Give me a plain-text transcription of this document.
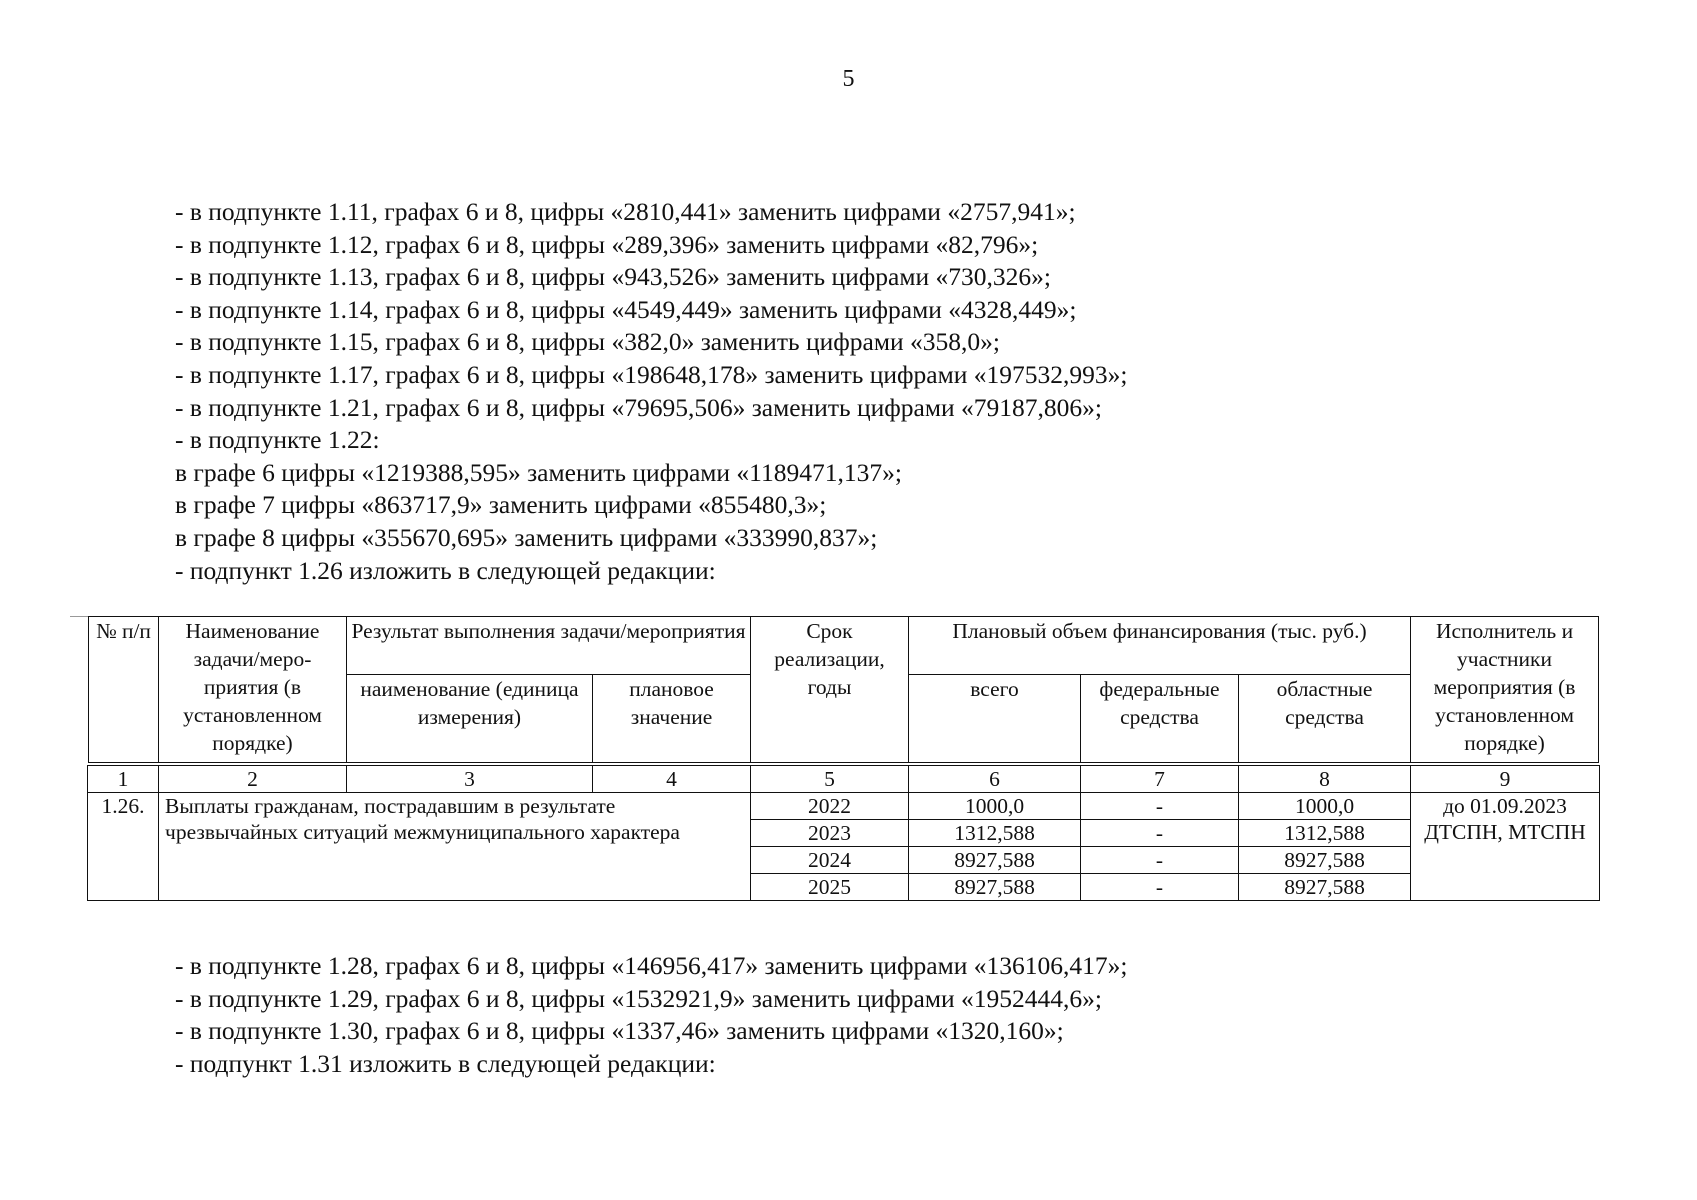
5
- в подпункте 1.11, графах 6 и 8, цифры «2810,441» заменить цифрами «2757,941»;
- в подпункте 1.12, графах 6 и 8, цифры «289,396» заменить цифрами «82,796»;
- в подпункте 1.13, графах 6 и 8, цифры «943,526» заменить цифрами «730,326»;
- в подпункте 1.14, графах 6 и 8, цифры «4549,449» заменить цифрами «4328,449»;
- в подпункте 1.15, графах 6 и 8, цифры «382,0» заменить цифрами «358,0»;
- в подпункте 1.17, графах 6 и 8, цифры «198648,178» заменить цифрами «197532,993»;
- в подпункте 1.21, графах 6 и 8, цифры «79695,506» заменить цифрами «79187,806»;
- в подпункте 1.22:
в графе 6 цифры «1219388,595» заменить цифрами «1189471,137»;
в графе 7 цифры «863717,9» заменить цифрами «855480,3»;
в графе 8 цифры «355670,695» заменить цифрами «333990,837»;
- подпункт 1.26 изложить в следующей редакции:
№ п/п	Наименование задачи/меро-приятия (в установленном порядке)	Результат выполнения задачи/мероприятия		Срок реализации, годы	Плановый объем финансирования (тыс. руб.)			Исполнитель и участники мероприятия (в установленном порядке)
		наименование (единица измерения)	плановое значение		всего	федеральные средства	областные средства	
1	2	3	4	5	6	7	8	9
1.26.	Выплаты гражданам, пострадавшим в результате чрезвычайных ситуаций межмуниципального характера			2022	1000,0	-	1000,0	до 01.09.2023 ДТСПН, МТСПН
				2023	1312,588	-	1312,588	
				2024	8927,588	-	8927,588	
				2025	8927,588	-	8927,588	
- в подпункте 1.28, графах 6 и 8, цифры «146956,417» заменить цифрами «136106,417»;
- в подпункте 1.29, графах 6 и 8, цифры «1532921,9» заменить цифрами «1952444,6»;
- в подпункте 1.30, графах 6 и 8, цифры «1337,46» заменить цифрами «1320,160»;
- подпункт 1.31 изложить в следующей редакции:
